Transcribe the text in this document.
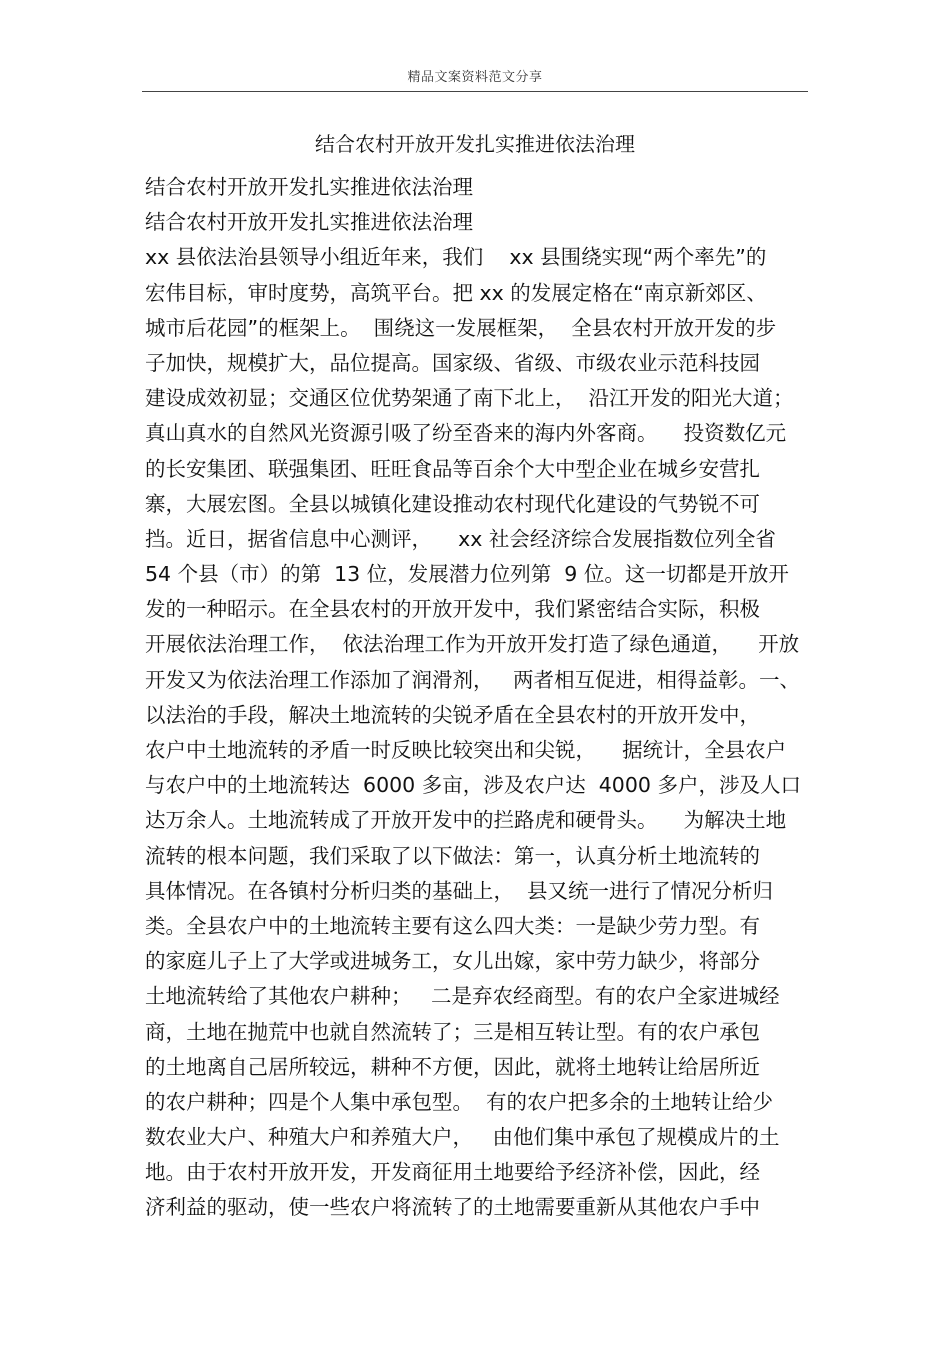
精品文案资料范文分享
结合农村开放开发扎实推进依法治理
结合农村开放开发扎实推进依法治理
结合农村开放开发扎实推进依法治理
xx 县依法治县领导小组近年来，我们    xx 县围绕实现“两个率先”的
宏伟目标，审时度势，高筑平台。把 xx 的发展定格在“南京新郊区、
城市后花园”的框架上。  围绕这一发展框架，  全县农村开放开发的步
子加快，规模扩大，品位提高。国家级、省级、市级农业示范科技园
建设成效初显；交通区位优势架通了南下北上，  沿江开发的阳光大道；
真山真水的自然风光资源引吸了纷至沓来的海内外客商。    投资数亿元
的长安集团、联强集团、旺旺食品等百余个大中型企业在城乡安营扎
寨，大展宏图。全县以城镇化建设推动农村现代化建设的气势锐不可
挡。近日，据省信息中心测评，    xx 社会经济综合发展指数位列全省
54 个县（市）的第  13 位，发展潜力位列第  9 位。这一切都是开放开
发的一种昭示。在全县农村的开放开发中，我们紧密结合实际，积极
开展依法治理工作，  依法治理工作为开放开发打造了绿色通道，    开放
开发又为依法治理工作添加了润滑剂，   两者相互促进，相得益彰。一、
以法治的手段，解决土地流转的尖锐矛盾在全县农村的开放开发中，
农户中土地流转的矛盾一时反映比较突出和尖锐，    据统计，全县农户
与农户中的土地流转达  6000 多亩，涉及农户达  4000 多户，涉及人口
达万余人。土地流转成了开放开发中的拦路虎和硬骨头。    为解决土地
流转的根本问题，我们采取了以下做法：第一，认真分析土地流转的
具体情况。在各镇村分析归类的基础上，  县又统一进行了情况分析归
类。全县农户中的土地流转主要有这么四大类：一是缺少劳力型。有
的家庭儿子上了大学或进城务工，女儿出嫁，家中劳力缺少，将部分
土地流转给了其他农户耕种；   二是弃农经商型。有的农户全家进城经
商，土地在抛荒中也就自然流转了；三是相互转让型。有的农户承包
的土地离自己居所较远，耕种不方便，因此，就将土地转让给居所近
的农户耕种；四是个人集中承包型。  有的农户把多余的土地转让给少
数农业大户、种殖大户和养殖大户，   由他们集中承包了规模成片的土
地。由于农村开放开发，开发商征用土地要给予经济补偿，因此，经
济利益的驱动，使一些农户将流转了的土地需要重新从其他农户手中
